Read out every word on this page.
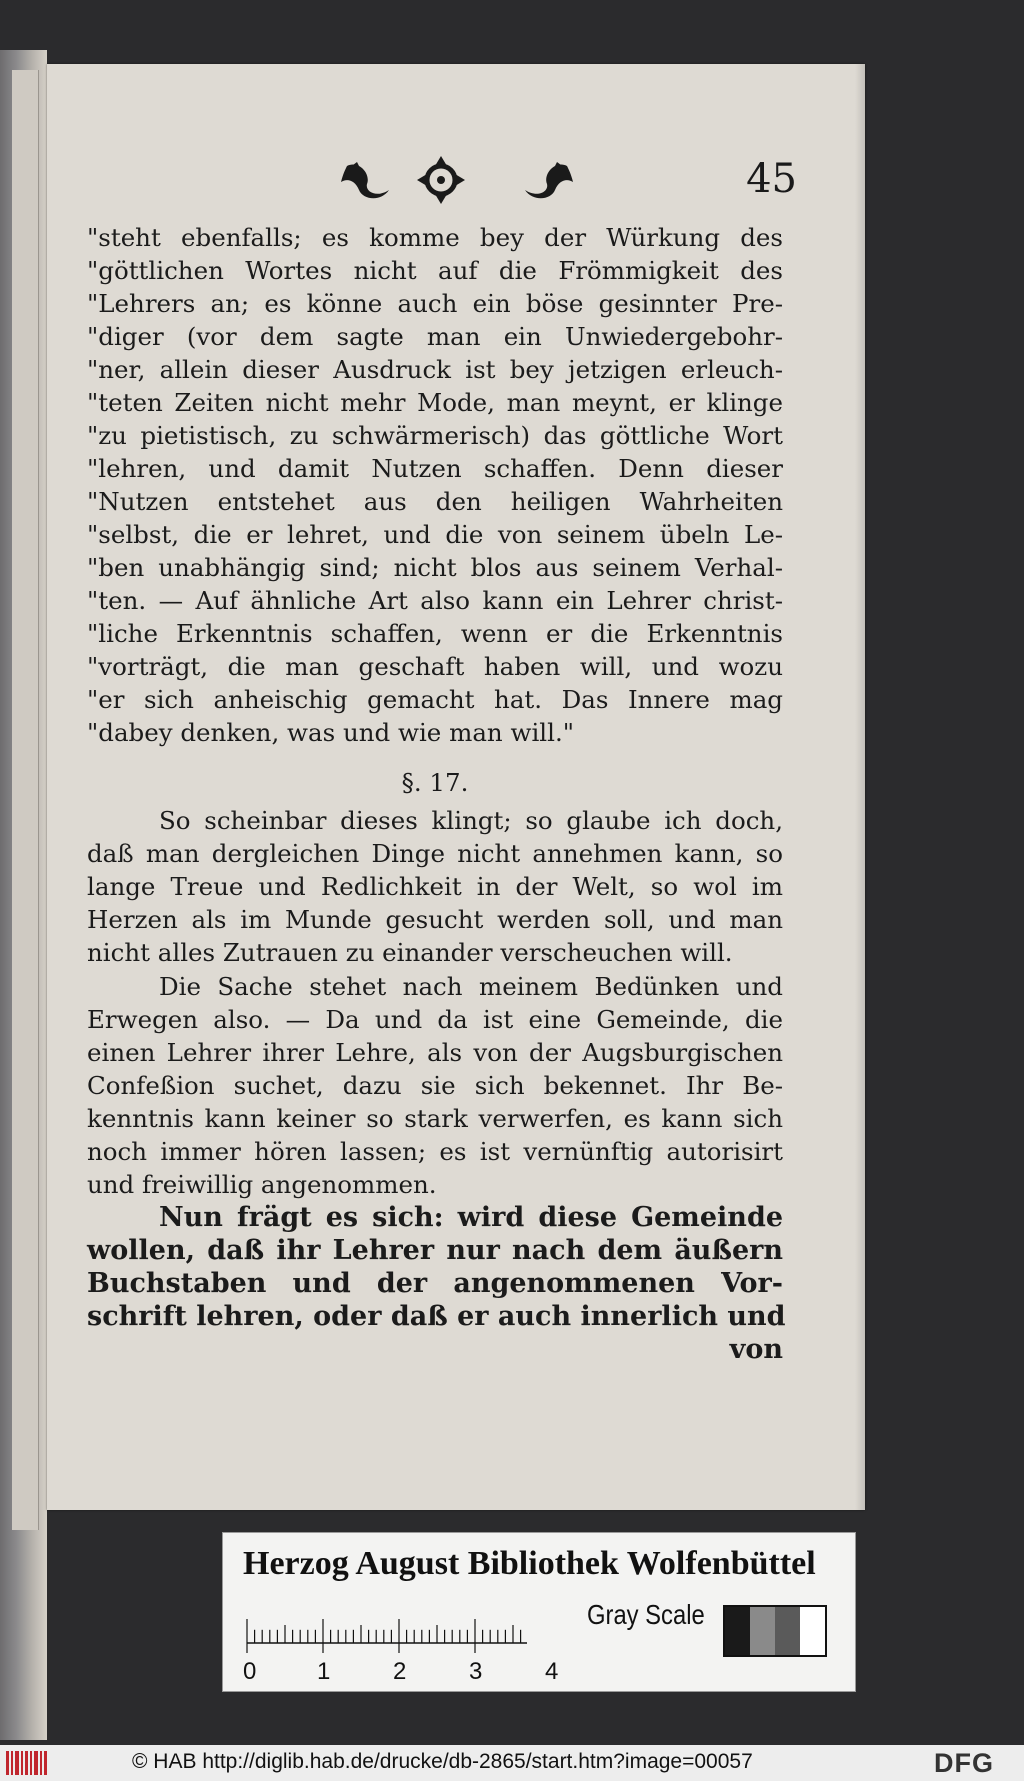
45
"steht ebenfalls; es komme bey der Würkung des
"göttlichen Wortes nicht auf die Frömmigkeit des
"Lehrers an; es könne auch ein böse gesinnter Pre-
"diger (vor dem sagte man ein Unwiedergebohr-
"ner, allein dieser Ausdruck ist bey jetzigen erleuch-
"teten Zeiten nicht mehr Mode, man meynt, er klinge
"zu pietistisch, zu schwärmerisch) das göttliche Wort
"lehren, und damit Nutzen schaffen. Denn dieser
"Nutzen entstehet aus den heiligen Wahrheiten
"selbst, die er lehret, und die von seinem übeln Le-
"ben unabhängig sind; nicht blos aus seinem Verhal-
"ten. — Auf ähnliche Art also kann ein Lehrer christ-
"liche Erkenntnis schaffen, wenn er die Erkenntnis
"vorträgt, die man geschaft haben will, und wozu
"er sich anheischig gemacht hat. Das Innere mag
"dabey denken, was und wie man will."
§. 17.
So scheinbar dieses klingt; so glaube ich doch,
daß man dergleichen Dinge nicht annehmen kann, so
lange Treue und Redlichkeit in der Welt, so wol im
Herzen als im Munde gesucht werden soll, und man
nicht alles Zutrauen zu einander verscheuchen will.
Die Sache stehet nach meinem Bedünken und
Erwegen also. — Da und da ist eine Gemeinde, die
einen Lehrer ihrer Lehre, als von der Augsburgischen
Confeßion suchet, dazu sie sich bekennet. Ihr Be-
kenntnis kann keiner so stark verwerfen, es kann sich
noch immer hören lassen; es ist vernünftig autorisirt
und freiwillig angenommen.
Nun frägt es sich: wird diese Gemeinde
wollen, daß ihr Lehrer nur nach dem äußern
Buchstaben und der angenommenen Vor-
schrift lehren, oder daß er auch innerlich und
von
Herzog August Bibliothek Wolfenbüttel
0	1	2	3	4
Gray Scale
© HAB http://diglib.hab.de/drucke/db-2865/start.htm?image=00057	DFG
